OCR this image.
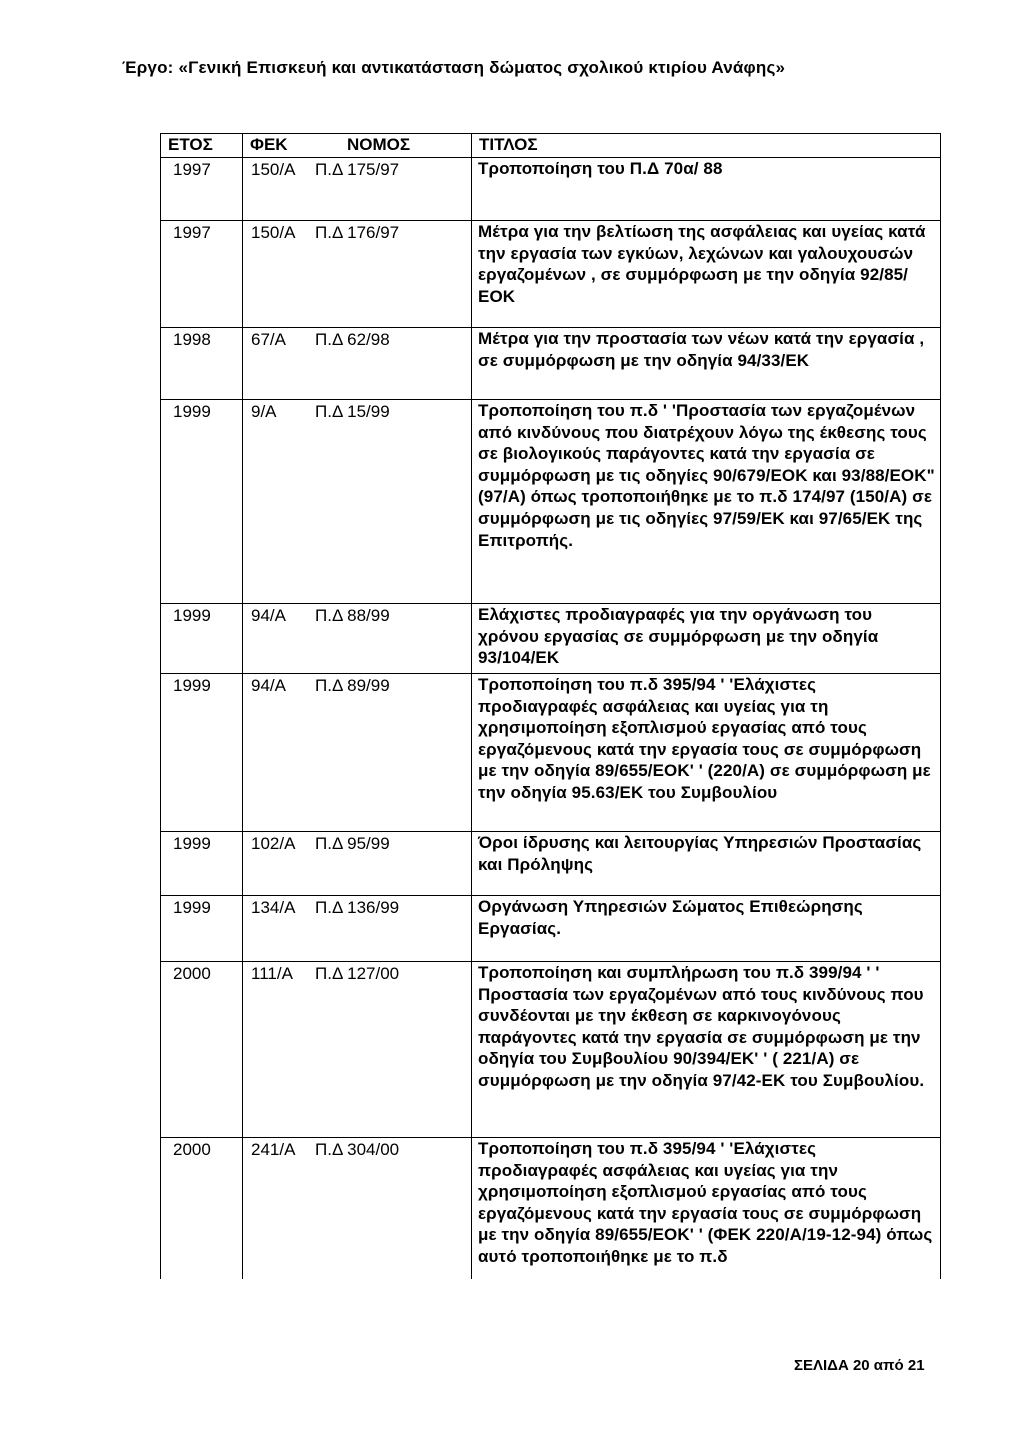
Έργο: «Γενική Επισκευή και αντικατάσταση δώματος σχολικού κτιρίου Ανάφης»
ΕΤΟΣ	ΦΕΚ	ΝΟΜΟΣ	ΤΙΤΛΟΣ
1997	150/Α	Π.Δ 175/97	Τροποποίηση του Π.Δ 70α/ 88
1997	150/Α	Π.Δ 176/97	Μέτρα για την βελτίωση της ασφάλειας και υγείας κατά την εργασία των εγκύων, λεχώνων και γαλουχουσών εργαζομένων , σε συμμόρφωση με την οδηγία 92/85/ΕΟΚ
1998	67/Α	Π.Δ 62/98	Μέτρα για την προστασία των νέων κατά την εργασία , σε συμμόρφωση με την οδηγία 94/33/ΕΚ
1999	9/Α	Π.Δ 15/99	Τροποποίηση του π.δ ' 'Προστασία των εργαζομένων από κινδύνους που διατρέχουν λόγω της έκθεσης τους σε βιολογικούς παράγοντες κατά την εργασία σε συμμόρφωση με τις οδηγίες 90/679/ΕΟΚ και 93/88/ΕΟΚ" (97/Α) όπως τροποποιήθηκε με το π.δ 174/97 (150/Α) σε συμμόρφωση με τις οδηγίες 97/59/ΕΚ και 97/65/ΕΚ της Επιτροπής.
1999	94/Α	Π.Δ 88/99	Ελάχιστες προδιαγραφές για την οργάνωση του χρόνου εργασίας σε συμμόρφωση με την οδηγία 93/104/ΕΚ
1999	94/Α	Π.Δ 89/99	Τροποποίηση του π.δ 395/94 ' 'Ελάχιστες προδιαγραφές ασφάλειας και υγείας για τη χρησιμοποίηση εξοπλισμού εργασίας από τους εργαζόμενους κατά την εργασία τους σε συμμόρφωση με την οδηγία 89/655/ΕΟΚ' ' (220/Α) σε συμμόρφωση με την οδηγία 95.63/ΕΚ του Συμβουλίου
1999	102/Α	Π.Δ 95/99	Όροι ίδρυσης και λειτουργίας Υπηρεσιών Προστασίας και Πρόληψης
1999	134/Α	Π.Δ 136/99	Οργάνωση Υπηρεσιών Σώματος Επιθεώρησης Εργασίας.
2000	111/Α	Π.Δ 127/00	Τροποποίηση και συμπλήρωση του π.δ 399/94 ' ' Προστασία των εργαζομένων από τους κινδύνους που συνδέονται με την έκθεση σε καρκινογόνους παράγοντες κατά την εργασία σε συμμόρφωση με την οδηγία του Συμβουλίου 90/394/ΕΚ' ' ( 221/Α) σε συμμόρφωση με την οδηγία 97/42-ΕΚ του Συμβουλίου.
2000	241/Α	Π.Δ 304/00	Τροποποίηση του π.δ 395/94 ' 'Ελάχιστες προδιαγραφές ασφάλειας και υγείας για την χρησιμοποίηση εξοπλισμού εργασίας από τους εργαζόμενους κατά την εργασία τους σε συμμόρφωση με την οδηγία 89/655/ΕΟΚ' ' (ΦΕΚ 220/Α/19-12-94) όπως αυτό τροποποιήθηκε με το π.δ
ΣΕΛΙΔΑ 20 από 21
